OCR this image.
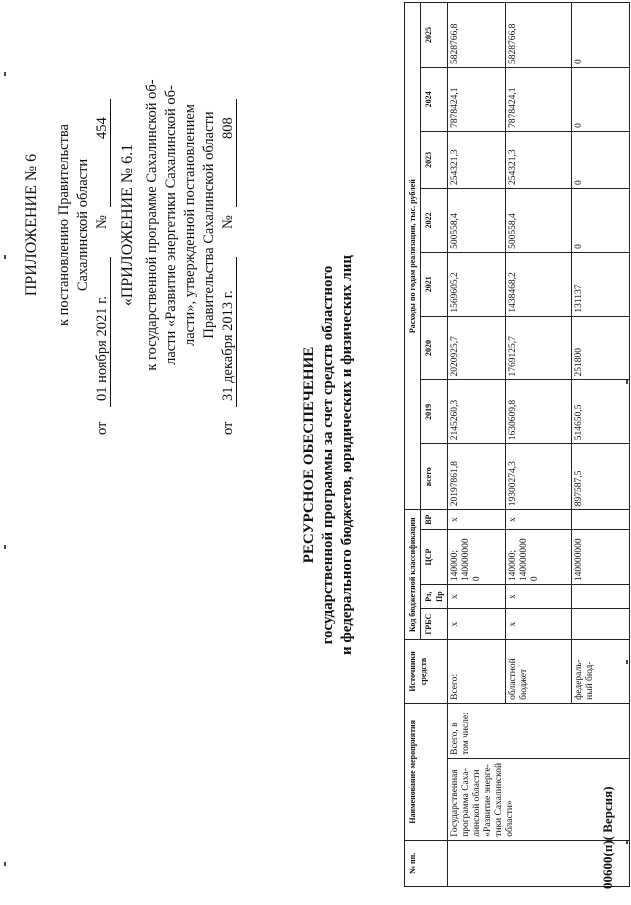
ПРИЛОЖЕНИЕ № 6 к постановлению Правительства Сахалинской области
от
01 ноября 2021 г.
№
454
«ПРИЛОЖЕНИЕ № 6.1 к государственной программе Сахалинской об- ласти «Развитие энергетики Сахалинской об- ласти», утвержденной постановлением Правительства Сахалинской области
от
31 декабря 2013 г.
№
808
РЕСУРСНОЕ ОБЕСПЕЧЕНИЕ государственной программы за счет средств областного и федерального бюджетов, юридических и физических лиц
№ пп.	Наименование мероприятия		Источники средств	Код бюджетной классификации				Расходы по годам реализации, тыс. рублей							
				ГРБС	Рз, Пр	ЦСР	ВР	всего	2019	2020	2021	2022	2023	2024	2025

	Государственная программа Саха-линской области «Развитие энерге-тики Сахалинской области»	Всего, в том числе:	Всего:	х	х	140000; 140000000 0	х	20197861,8	2145260,3	2020925,7	1569605,2	500558,4	254321,3	7878424,1	5828766,8
			областной бюджет	х	х	140000; 140000000 0	х	19300274,3	1630609,8	1769125,7	1438468,2	500558,4	254321,3	7878424,1	5828766,8
			федераль-ный бюд-			140000000		897587,5	514650,5	251800	131137	0	0	0	0
00600(п)( Версия)
